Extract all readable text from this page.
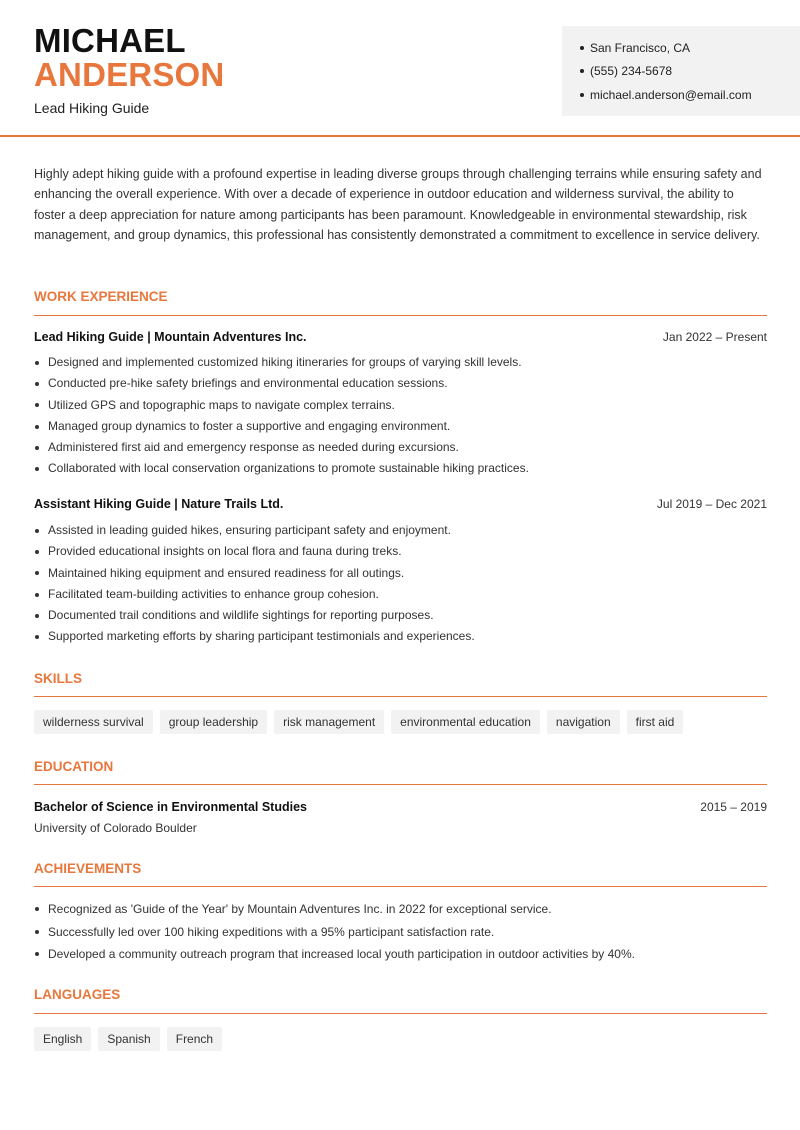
MICHAEL
ANDERSON
Lead Hiking Guide
San Francisco, CA
(555) 234-5678
michael.anderson@email.com

Highly adept hiking guide with a profound expertise in leading diverse groups through challenging terrains while ensuring safety and enhancing the overall experience. With over a decade of experience in outdoor education and wilderness survival, the ability to foster a deep appreciation for nature among participants has been paramount. Knowledgeable in environmental stewardship, risk management, and group dynamics, this professional has consistently demonstrated a commitment to excellence in service delivery.

WORK EXPERIENCE
Lead Hiking Guide | Mountain Adventures Inc.	Jan 2022 – Present
Designed and implemented customized hiking itineraries for groups of varying skill levels.
Conducted pre-hike safety briefings and environmental education sessions.
Utilized GPS and topographic maps to navigate complex terrains.
Managed group dynamics to foster a supportive and engaging environment.
Administered first aid and emergency response as needed during excursions.
Collaborated with local conservation organizations to promote sustainable hiking practices.
Assistant Hiking Guide | Nature Trails Ltd.	Jul 2019 – Dec 2021
Assisted in leading guided hikes, ensuring participant safety and enjoyment.
Provided educational insights on local flora and fauna during treks.
Maintained hiking equipment and ensured readiness for all outings.
Facilitated team-building activities to enhance group cohesion.
Documented trail conditions and wildlife sightings for reporting purposes.
Supported marketing efforts by sharing participant testimonials and experiences.
SKILLS
wilderness survival	group leadership	risk management	environmental education	navigation	first aid
EDUCATION
Bachelor of Science in Environmental Studies	2015 – 2019
University of Colorado Boulder
ACHIEVEMENTS
Recognized as 'Guide of the Year' by Mountain Adventures Inc. in 2022 for exceptional service.
Successfully led over 100 hiking expeditions with a 95% participant satisfaction rate.
Developed a community outreach program that increased local youth participation in outdoor activities by 40%.
LANGUAGES
English	Spanish	French
